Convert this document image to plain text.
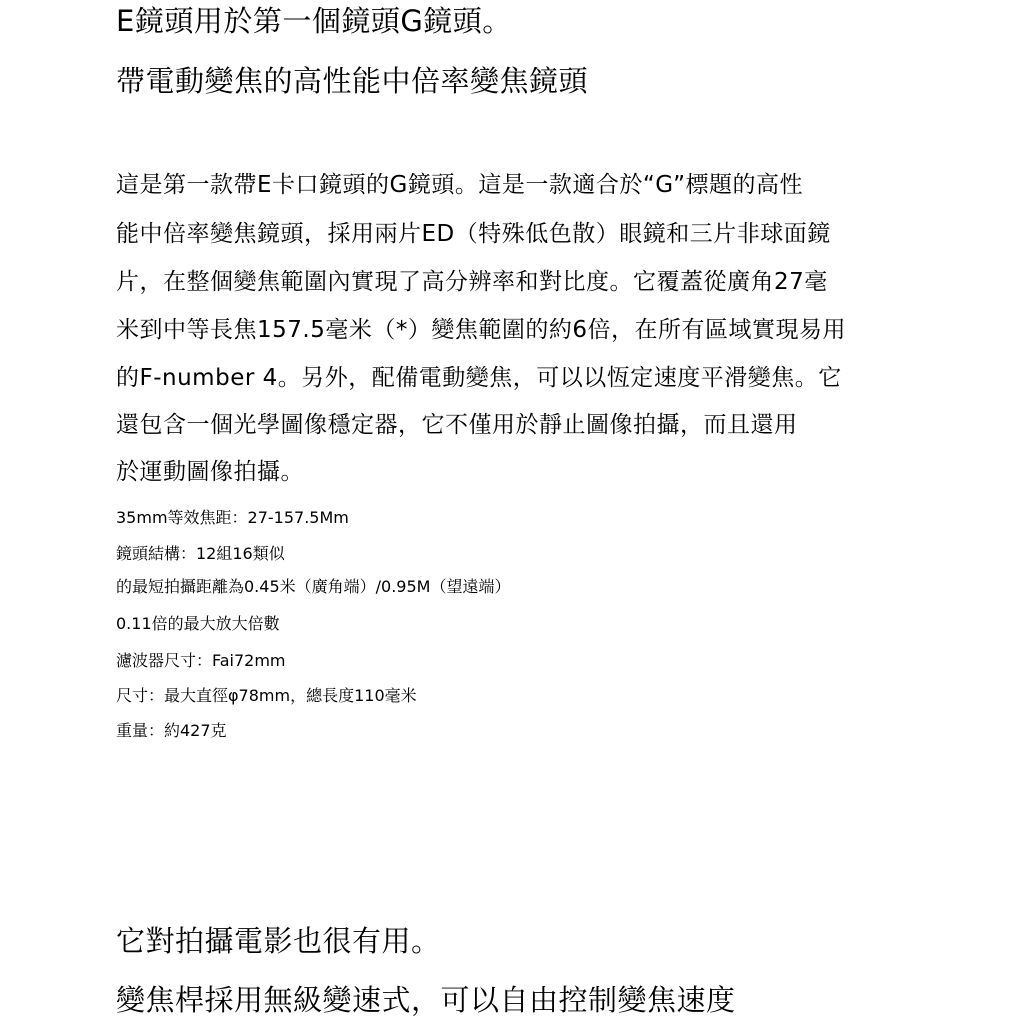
E鏡頭用於第一個鏡頭G鏡頭。
帶電動變焦的高性能中倍率變焦鏡頭

這是第一款帶E卡口鏡頭的G鏡頭。這是一款適合於“G”標題的高性

能中倍率變焦鏡頭，採用兩片ED（特殊低色散）眼鏡和三片非球面鏡

片，在整個變焦範圍內實現了高分辨率和對比度。它覆蓋從廣角27毫

米到中等長焦157.5毫米（*）變焦範圍的約6倍，在所有區域實現易用

的F-number 4。另外，配備電動變焦，可以以恆定速度平滑變焦。它

還包含一個光學圖像穩定器，它不僅用於靜止圖像拍攝，而且還用

於運動圖像拍攝。

35mm等效焦距：27-157.5Mm

鏡頭結構：12組16類似

的最短拍攝距離為0.45米（廣角端）/0.95M（望遠端）

0.11倍的最大放大倍數

濾波器尺寸：Fai72mm

尺寸：最大直徑φ78mm，總長度110毫米

重量：約427克

它對拍攝電影也很有用。
變焦桿採用無級變速式，可以自由控制變焦速度
